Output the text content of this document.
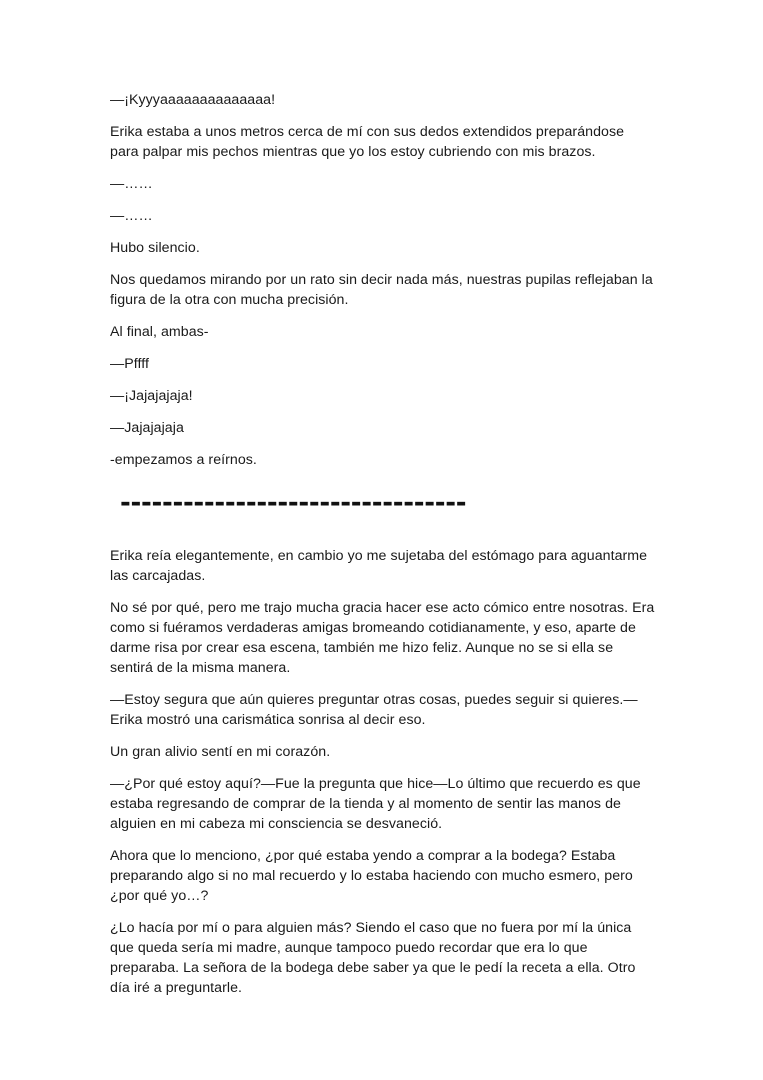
—¡Kyyyaaaaaaaaaaaaaa!

Erika estaba a unos metros cerca de mí con sus dedos extendidos preparándose para palpar mis pechos mientras que yo los estoy cubriendo con mis brazos.

—……

—……

Hubo silencio.

Nos quedamos mirando por un rato sin decir nada más, nuestras pupilas reflejaban la figura de la otra con mucha precisión.

Al final, ambas-

—Pffff

—¡Jajajajaja!

—Jajajajaja

-empezamos a reírnos.

---------------------------------

Erika reía elegantemente, en cambio yo me sujetaba del estómago para aguantarme las carcajadas.

No sé por qué, pero me trajo mucha gracia hacer ese acto cómico entre nosotras. Era como si fuéramos verdaderas amigas bromeando cotidianamente, y eso, aparte de darme risa por crear esa escena, también me hizo feliz. Aunque no se si ella se sentirá de la misma manera.

—Estoy segura que aún quieres preguntar otras cosas, puedes seguir si quieres.—Erika mostró una carismática sonrisa al decir eso.

Un gran alivio sentí en mi corazón.

—¿Por qué estoy aquí?—Fue la pregunta que hice—Lo último que recuerdo es que estaba regresando de comprar de la tienda y al momento de sentir las manos de alguien en mi cabeza mi consciencia se desvaneció.

Ahora que lo menciono, ¿por qué estaba yendo a comprar a la bodega? Estaba preparando algo si no mal recuerdo y lo estaba haciendo con mucho esmero, pero ¿por qué yo…?

¿Lo hacía por mí o para alguien más? Siendo el caso que no fuera por mí la única que queda sería mi madre, aunque tampoco puedo recordar que era lo que preparaba. La señora de la bodega debe saber ya que le pedí la receta a ella. Otro día iré a preguntarle.
